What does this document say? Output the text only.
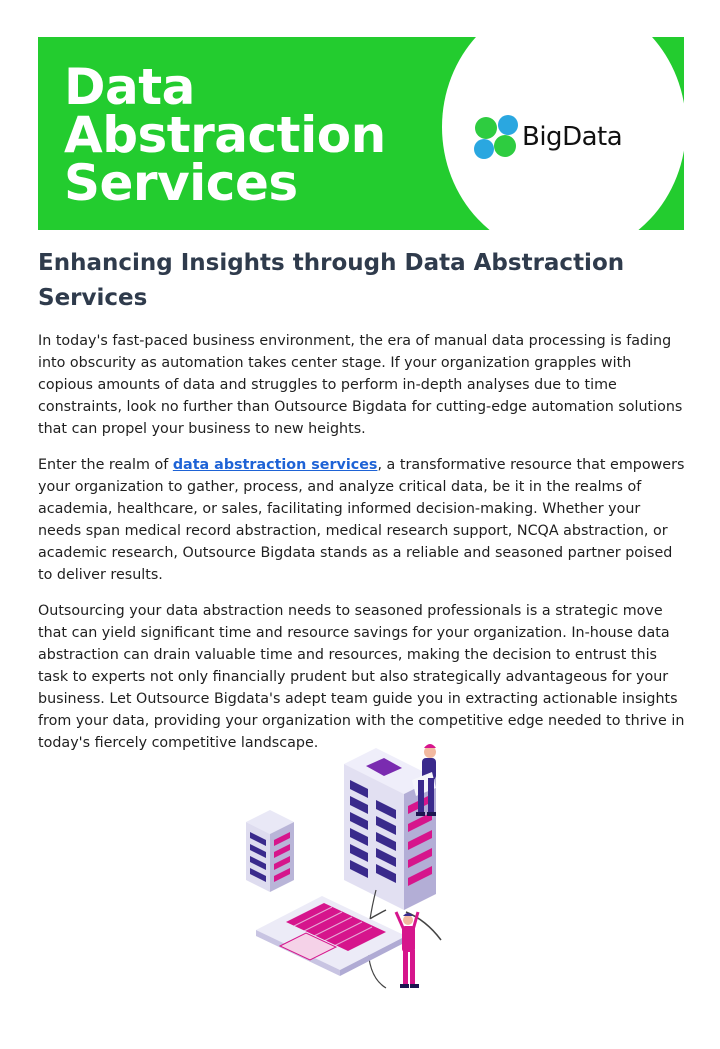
Data
Abstraction
Services
BigData
Enhancing Insights through Data Abstraction Services

In today's fast-paced business environment, the era of manual data processing is fading into obscurity as automation takes center stage. If your organization grapples with copious amounts of data and struggles to perform in-depth analyses due to time constraints, look no further than Outsource Bigdata for cutting-edge automation solutions that can propel your business to new heights.

Enter the realm of data abstraction services, a transformative resource that empowers your organization to gather, process, and analyze critical data, be it in the realms of academia, healthcare, or sales, facilitating informed decision-making. Whether your needs span medical record abstraction, medical research support, NCQA abstraction, or academic research, Outsource Bigdata stands as a reliable and seasoned partner poised to deliver results.

Outsourcing your data abstraction needs to seasoned professionals is a strategic move that can yield significant time and resource savings for your organization. In-house data abstraction can drain valuable time and resources, making the decision to entrust this task to experts not only financially prudent but also strategically advantageous for your business. Let Outsource Bigdata's adept team guide you in extracting actionable insights from your data, providing your organization with the competitive edge needed to thrive in today's fiercely competitive landscape.
